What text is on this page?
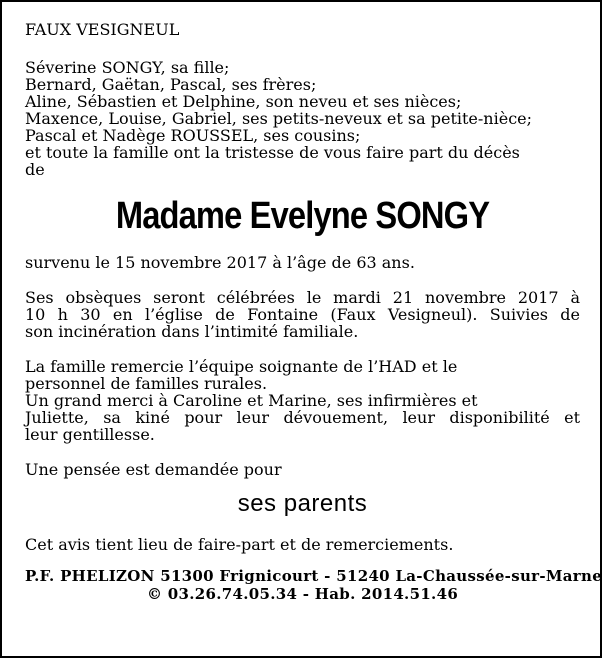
FAUX VESIGNEUL
Séverine SONGY, sa fille;
Bernard, Gaëtan, Pascal, ses frères;
Aline, Sébastien et Delphine, son neveu et ses nièces;
Maxence, Louise, Gabriel, ses petits-neveux et sa petite-nièce;
Pascal et Nadège ROUSSEL, ses cousins;
et toute la famille ont la tristesse de vous faire part du décès
de
Madame Evelyne SONGY
survenu le 15 novembre 2017 à l’âge de 63 ans.
Ses obsèques seront célébrées le mardi 21 novembre 2017 à
10 h 30 en l’église de Fontaine (Faux Vesigneul). Suivies de
son incinération dans l’intimité familiale.
La famille remercie l’équipe soignante de l’HAD et le
personnel de familles rurales.
Un grand merci à Caroline et Marine, ses infirmières et
Juliette, sa kiné pour leur dévouement, leur disponibilité et
leur gentillesse.
Une pensée est demandée pour
ses parents
Cet avis tient lieu de faire-part et de remerciements.
P.F. PHELIZON 51300 Frignicourt - 51240 La-Chaussée-sur-Marne
© 03.26.74.05.34 - Hab. 2014.51.46
